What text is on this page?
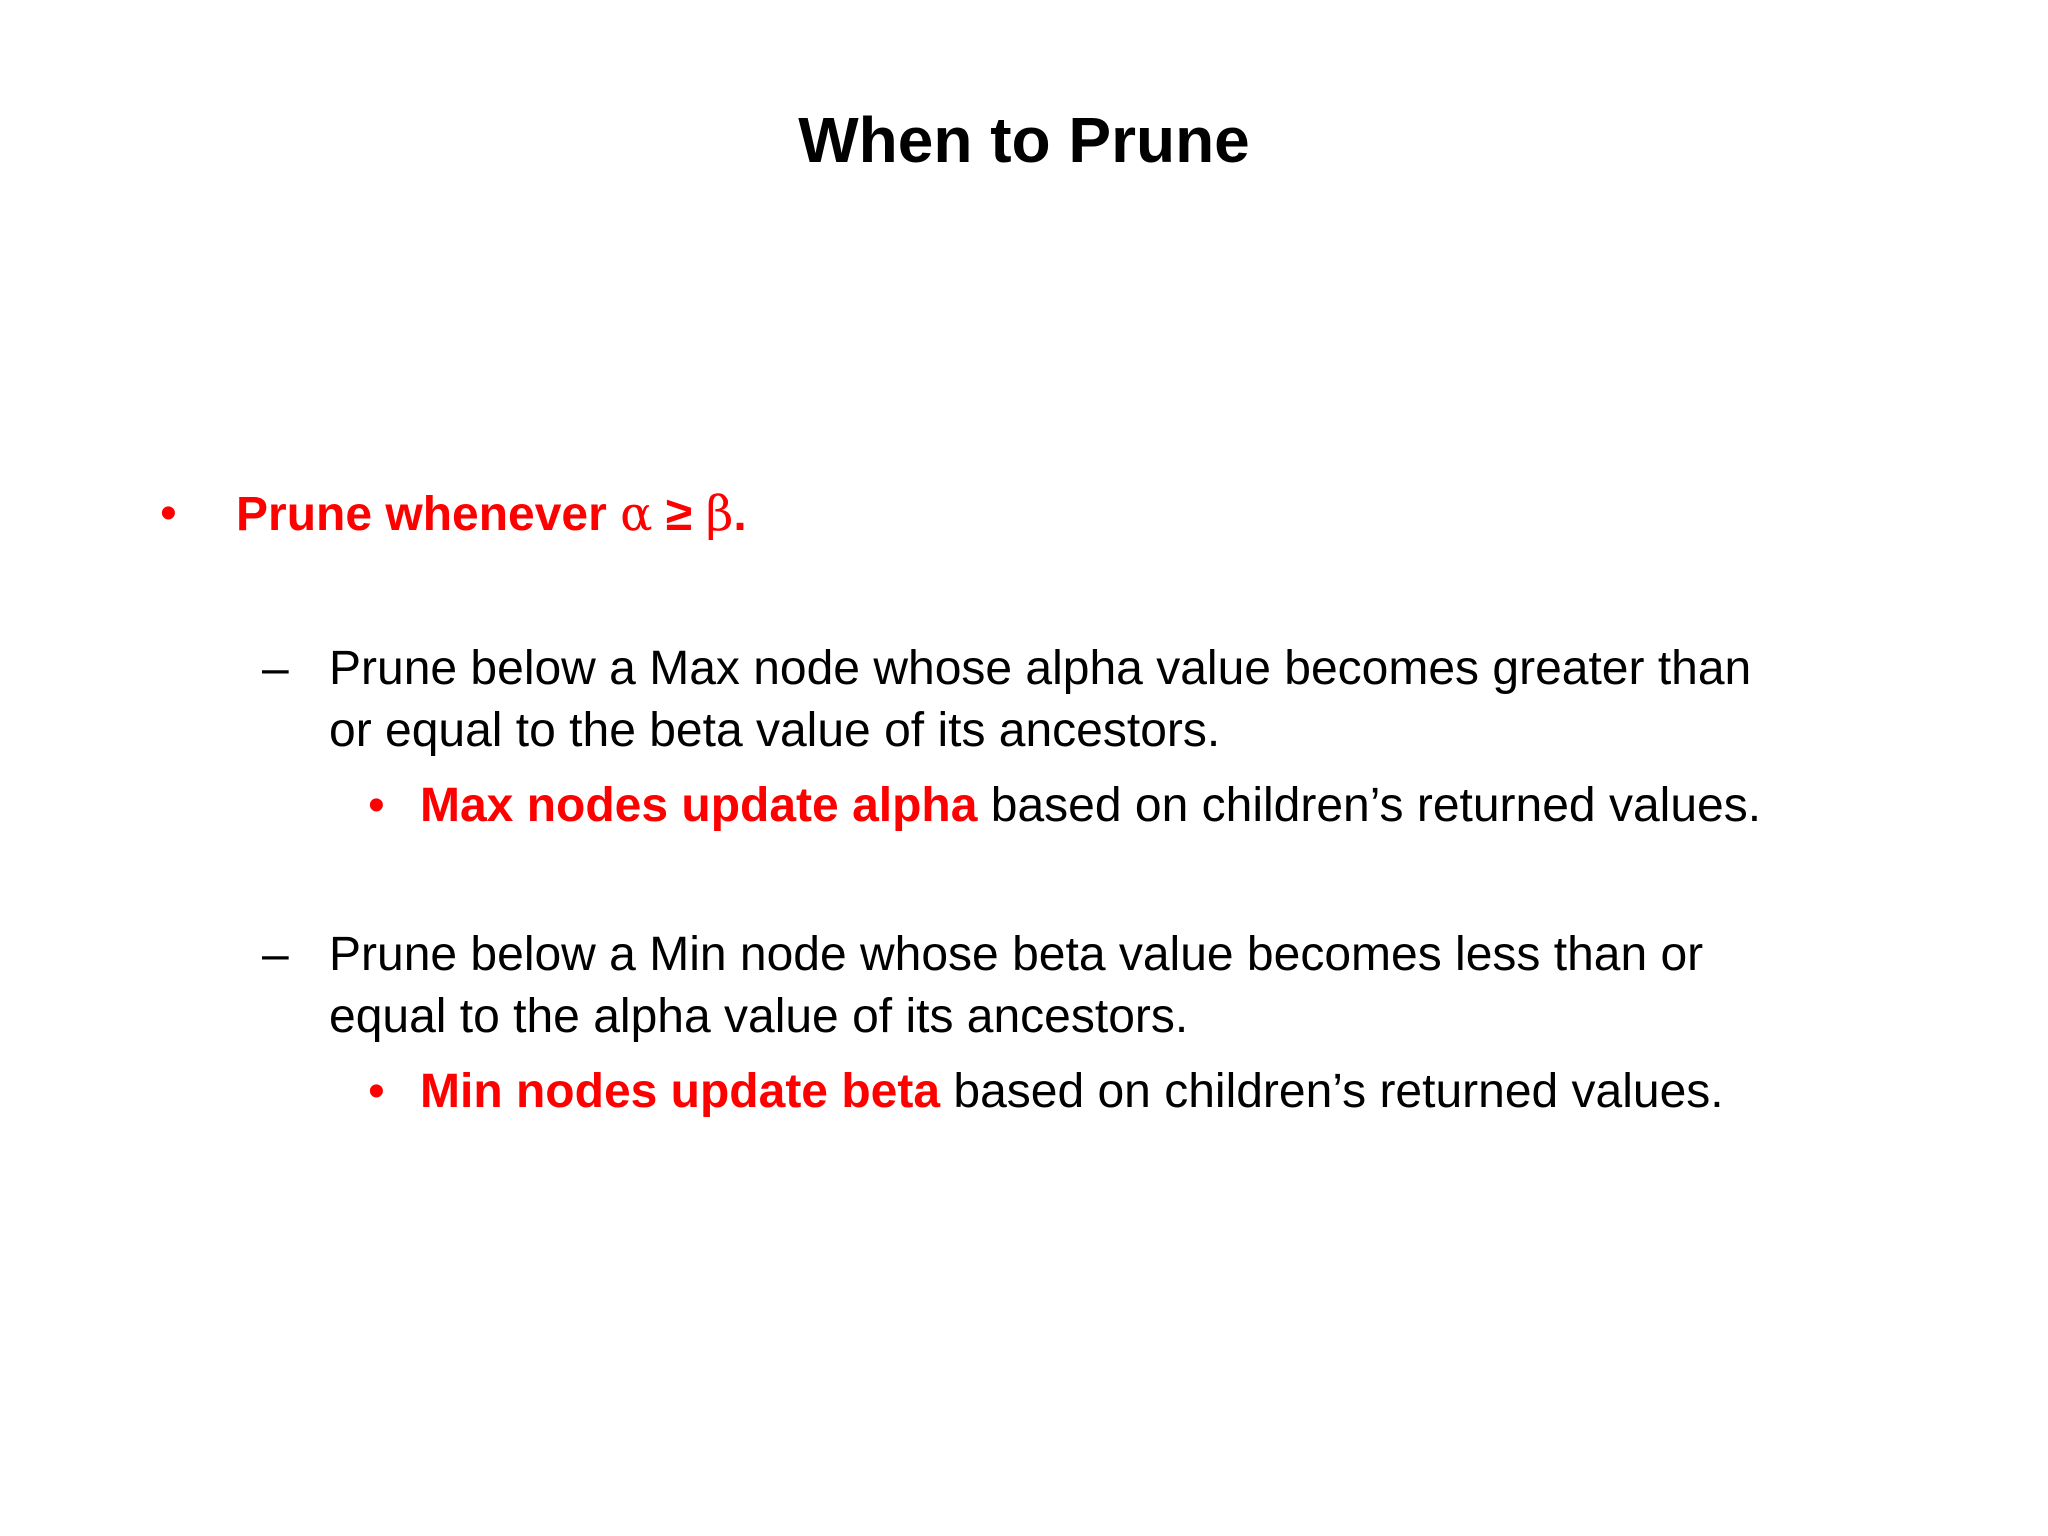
When to Prune
• Prune whenever α ≥ β.
– Prune below a Max node whose alpha value becomes greater than
or equal to the beta value of its ancestors.
• Max nodes update alpha based on children’s returned values.
– Prune below a Min node whose beta value becomes less than or
equal to the alpha value of its ancestors.
• Min nodes update beta based on children’s returned values.
